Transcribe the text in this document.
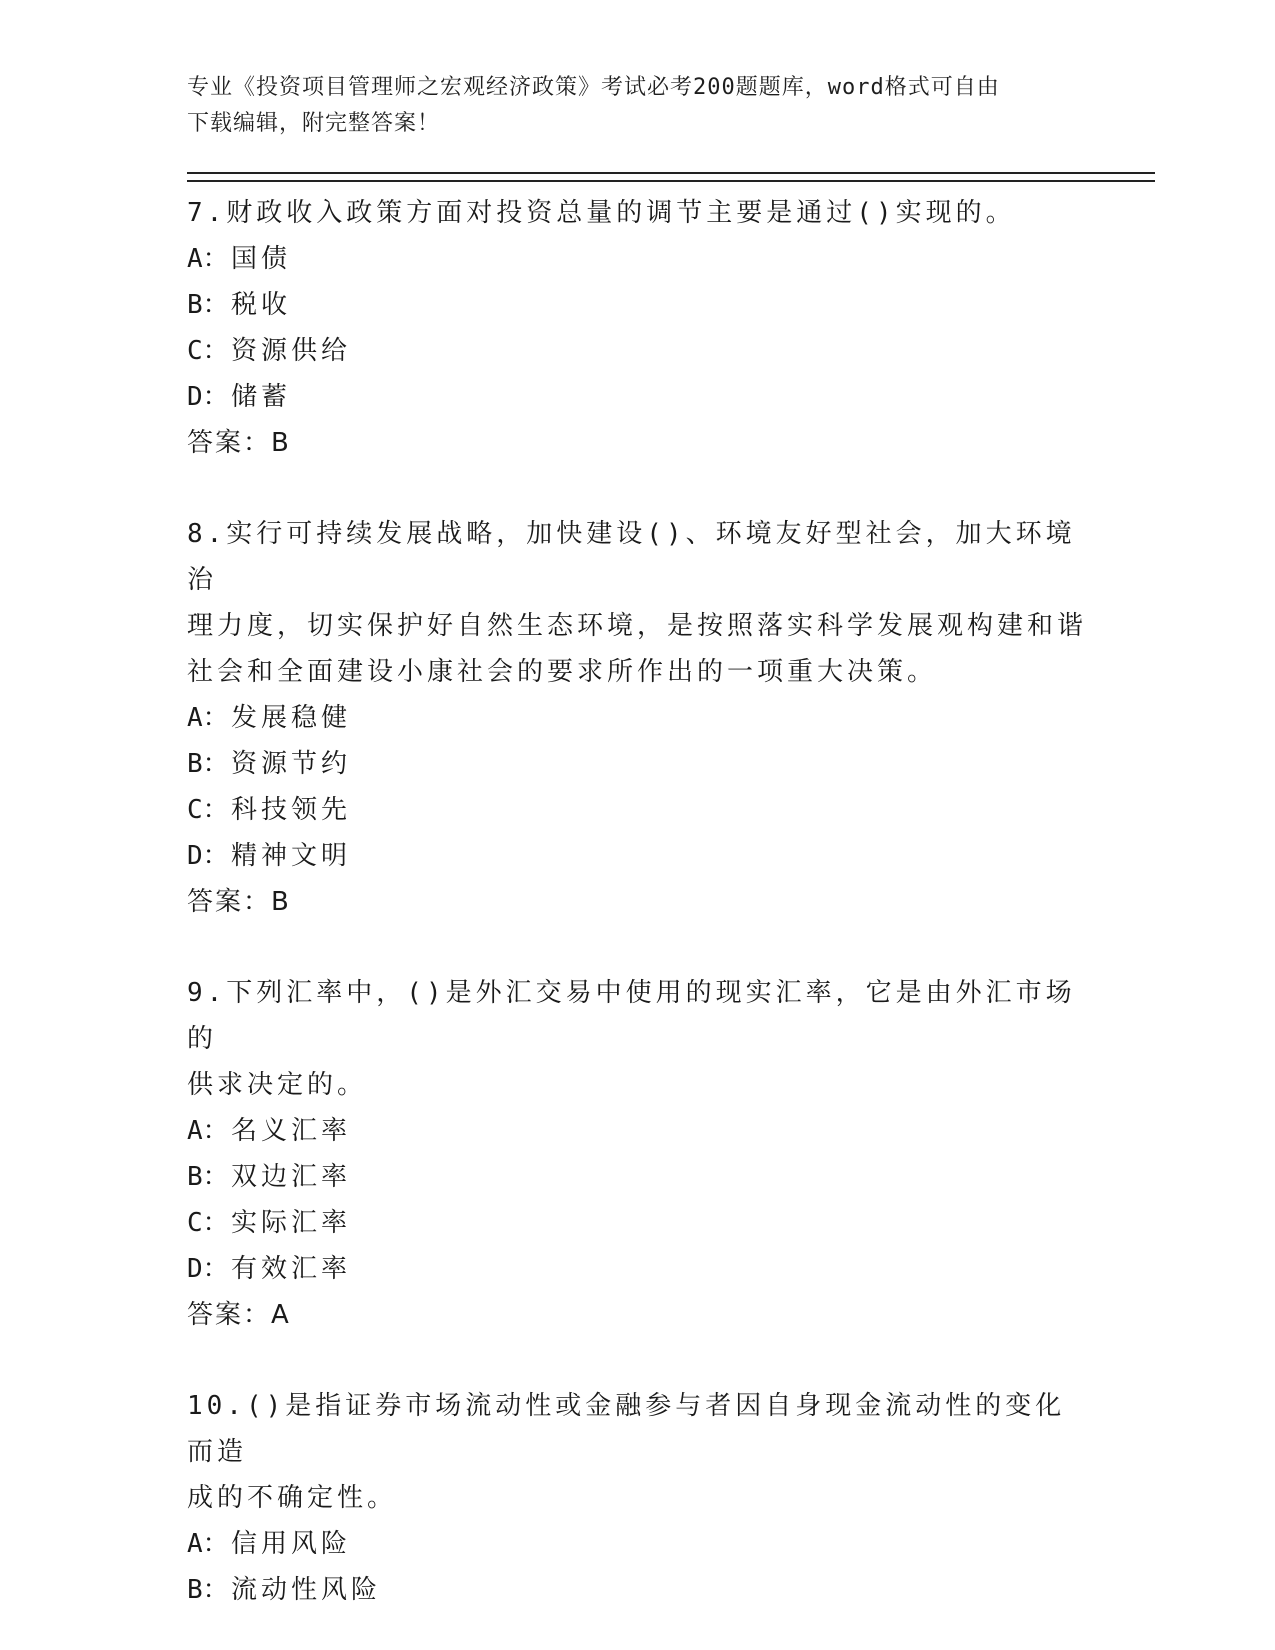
专业《投资项目管理师之宏观经济政策》考试必考200题题库，word格式可自由
下载编辑，附完整答案！

7.财政收入政策方面对投资总量的调节主要是通过()实现的。

A： 国债

B： 税收

C： 资源供给

D： 储蓄

答案：B

8.实行可持续发展战略，加快建设()、环境友好型社会，加大环境治

理力度，切实保护好自然生态环境，是按照落实科学发展观构建和谐

社会和全面建设小康社会的要求所作出的一项重大决策。

A： 发展稳健

B： 资源节约

C： 科技领先

D： 精神文明

答案：B

9.下列汇率中，()是外汇交易中使用的现实汇率，它是由外汇市场的

供求决定的。

A： 名义汇率

B： 双边汇率

C： 实际汇率

D： 有效汇率

答案：A

10.()是指证券市场流动性或金融参与者因自身现金流动性的变化而造

成的不确定性。

A： 信用风险

B： 流动性风险
